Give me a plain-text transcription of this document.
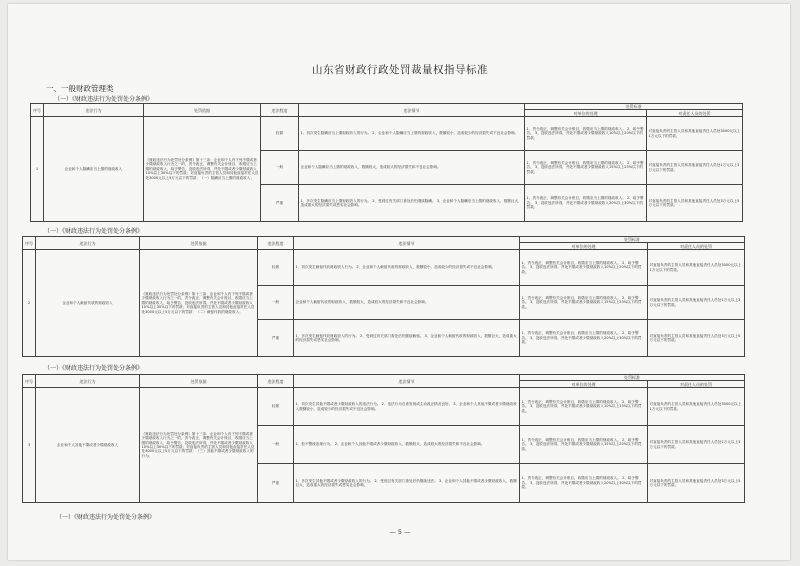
山东省财政行政处罚裁量权指导标准
一、一般财政管理类
（一）《财政违法行为处罚处分条例》
序号	违法行为	处罚依据	违法程度	违法情节	处罚标准	
					对单位的处理	对责任人员的处罚
1	企业和个人隐瞒应当上缴的财政收入	《财政违法行为处罚处分条例》第十三条：企业和个人有下列不缴或者少缴财政收入行为之一的，责令改正，调整有关会计账目，收缴应当上缴的财政收入，给予警告，没收违法所得，并处不缴或者少缴财政收入10%以上30%以下的罚款；对直接负责的主管人员和其他直接责任人员处3000元以上5万元以下的罚款：（一）隐瞒应当上缴的财政收入；	轻微	1、初次发生隐瞒应当上缴财政收入的行为。 2、企业和个人隐瞒应当上缴的财政收入，数额较小，造成较少的经济损失或不良社会影响。	1、责令改正，调整有关会计账目，收缴应当上缴的财政收入。 2、给予警告。 3、没收违法所得，并处不缴或者少缴财政收入10%以上20%以下的罚款。	对直接负责的主管人员和其他直接责任人员处3000元以上1万元以下的罚款。
			一般	企业和个人隐瞒应当上缴的财政收入，数额较大，造成较大的经济损失和不良社会影响。	1、责令改正，调整有关会计账目，收缴应当上缴的财政收入。 2、给予警告。 3、没收违法所得，并处不缴或者少缴财政收入15%以上25%以下的罚款。	对直接负责的主管人员和其他直接责任人员处1万元以上3万元以下的罚款。
			严重	1、多次发生隐瞒应当上缴财政收入的行为。 2、受到过有关部门查处后仍继续隐瞒。 3、企业和个人隐瞒应当上缴的财政收入，数额巨大，造成重大的经济损失或恶劣社会影响。	1、责令改正，调整有关会计账目，收缴应当上缴的财政收入。 2、给予警告。 3、没收违法所得，并处不缴或者少缴财政收入20%以上30%以下的罚款。	对直接负责的主管人员和其他直接责任人员处3万元以上5万元以下的罚款。
（一）《财政违法行为处罚处分条例》
序号	违法行为	处罚依据	违法程度	违法情节	处罚标准	
					对单位的处理	对责任人员的处罚
2	企业和个人截留代收的财政收入	《财政违法行为处罚处分条例》第十三条：企业和个人有下列不缴或者少缴财政收入行为之一的，责令改正，调整有关会计账目，收缴应当上缴的财政收入，给予警告，没收违法所得，并处不缴或者少缴财政收入10%以上30%以下的罚款；对直接负责的主管人员和其他直接责任人员处3000元以上5万元以下的罚款：（二）截留代收的财政收入；	轻微	1、初次发生截留代收财政收入行为。 2、企业和个人截留代收的财政收入，数额较小，造成较少的经济损失或不良社会影响。	1、责令改正，调整有关会计账目，收缴应当上缴的财政收入。 2、给予警告。 3、没收违法所得，并处不缴或者少缴财政收入10%以上20%以下的罚款。	对直接负责的主管人员和其他直接责任人员处3000元以上1万元以下的罚款。
			一般	企业和个人截留代收的财政收入，数额较大，造成较大的经济损失和不良社会影响。	1、责令改正，调整有关会计账目，收缴应当上缴的财政收入。 2、给予警告。 3、没收违法所得，并处不缴或者少缴财政收入15%以上25%以下的罚款。	对直接负责的主管人员和其他直接责任人员处1万元以上3万元以下的罚款。
			严重	1、多次发生截留代收财政收入的行为。 2、受到过有关部门查处后仍继续截留。 3、企业和个人截留代收的财政收入，数额巨大，造成重大的经济损失或恶劣社会影响。	1、责令改正，调整有关会计账目，收缴应当上缴的财政收入。 2、给予警告。 3、没收违法所得，并处不缴或者少缴财政收入20%以上30%以下的罚款。	对直接负责的主管人员和其他直接责任人员处3万元以上5万元以下的罚款。
（一）《财政违法行为处罚处分条例》
序号	违法行为	处罚依据	违法程度	违法情节	处罚标准	
					对单位的处理	对责任人员的处罚
3	企业和个人其他不缴或者少缴财政收入	《财政违法行为处罚处分条例》第十三条：企业和个人有下列不缴或者少缴财政收入行为之一的，责令改正，调整有关会计账目，收缴应当上缴的财政收入，给予警告，没收违法所得，并处不缴或者少缴财政收入10%以上30%以下的罚款；对直接负责的主管人员和其他直接责任人员处3000元以上5万元以下的罚款：（三）其他不缴或者少缴财政收入的行为。	轻微	1、初次发生其他不缴或者少缴财政收入的违法行为。 2、违法行为自查发现或主动改正情况良好。 3、企业和个人其他不缴或者少缴财政收入数额较小，造成较少的经济损失或不良社会影响。	1、责令改正，调整有关会计账目，收缴应当上缴的财政收入。 2、给予警告。 3、没收违法所得，并处不缴或者少缴财政收入10%以上15%以下的罚款。	对直接负责的主管人员和其他直接责任人员处3000元以上1万元以下的罚款。
			一般	1、拒不整改违规行为。 2、企业和个人其他不缴或者少缴财政收入，数额较大，造成较大的经济损失和不良社会影响。	1、责令改正，调整有关会计账目，收缴应当上缴的财政收入。 2、给予警告。 3、没收违法所得，并处不缴或者少缴财政收入15%以上20%以下的罚款。	对直接负责的主管人员和其他直接责任人员处1万元以上3万元以下的罚款。
			严重	1、多次发生其他不缴或者少缴财政收入的行为。 2、受到过有关部门查处后仍继续违法。 3、企业和个人其他不缴或者少缴财政收入，数额巨大，造成重大的经济损失或恶劣社会影响。	1、责令改正，调整有关会计账目，收缴应当上缴的财政收入。 2、给予警告。 3、没收违法所得，并处不缴或者少缴财政收入20%以上30%以下的罚款。	对直接负责的主管人员和其他直接责任人员处3万元以上5万元以下的罚款。
（一）《财政违法行为处罚处分条例》
— 5 —
